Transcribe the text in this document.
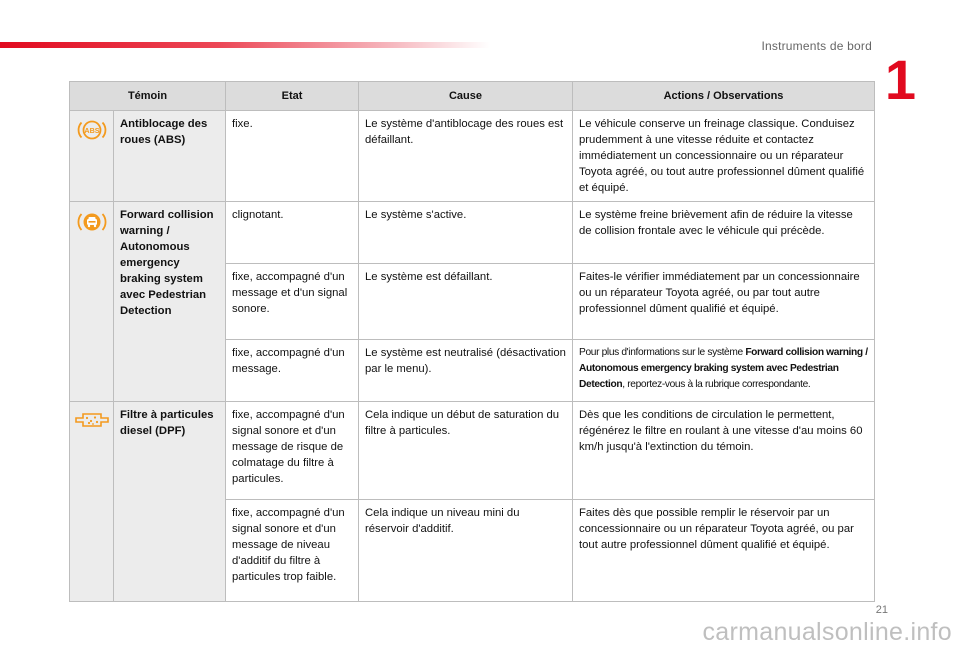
Instruments de bord
1
Témoin		Etat	Cause	Actions / Observations

ABS	Antiblocage des roues (ABS)	fixe.	Le système d'antiblocage des roues est défaillant.	Le véhicule conserve un freinage classique. Conduisez prudemment à une vitesse réduite et contactez immédiatement un concessionnaire ou un réparateur Toyota agréé, ou tout autre professionnel dûment qualifié et équipé.

	Forward collision warning / Autonomous emergency braking system avec Pedestrian Detection	clignotant.	Le système s'active.	Le système freine brièvement afin de réduire la vitesse de collision frontale avec le véhicule qui précède.
		fixe, accompagné d'un message et d'un signal sonore.	Le système est défaillant.	Faites-le vérifier immédiatement par un concessionnaire ou un réparateur Toyota agréé, ou par tout autre professionnel dûment qualifié et équipé.
		fixe, accompagné d'un message.	Le système est neutralisé (désactivation par le menu).	Pour plus d'informations sur le système Forward collision warning / Autonomous emergency braking system avec Pedestrian Detection, reportez-vous à la rubrique correspondante.

	Filtre à particules diesel (DPF)	fixe, accompagné d'un signal sonore et d'un message de risque de colmatage du filtre à particules.	Cela indique un début de saturation du filtre à particules.	Dès que les conditions de circulation le permettent, régénérez le filtre en roulant à une vitesse d'au moins 60 km/h jusqu'à l'extinction du témoin.
		fixe, accompagné d'un signal sonore et d'un message de niveau d'additif du filtre à particules trop faible.	Cela indique un niveau mini du réservoir d'additif.	Faites dès que possible remplir le réservoir par un concessionnaire ou un réparateur Toyota agréé, ou par tout autre professionnel dûment qualifié et équipé.
21
carmanualsonline.info
